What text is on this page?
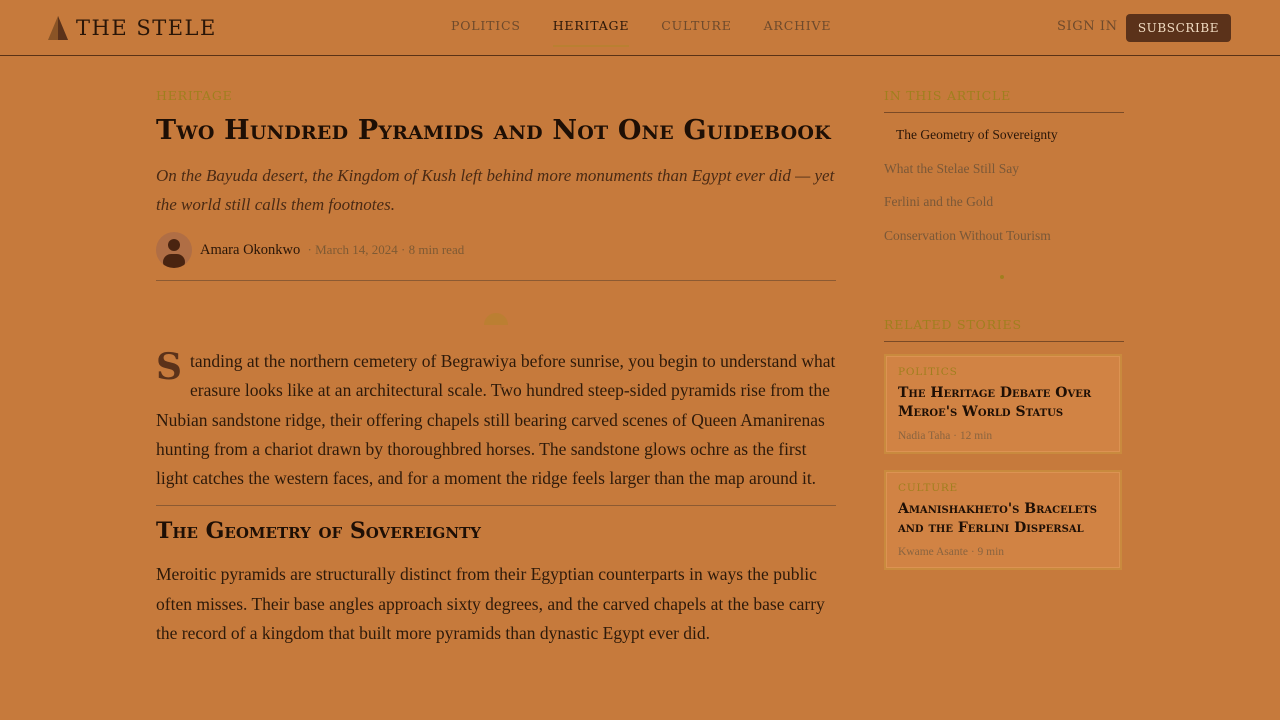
THE STELE	POLITICS	HERITAGE	CULTURE	ARCHIVE	SIGN IN	SUBSCRIBE
HERITAGE
Two Hundred Pyramids and Not One Guidebook

On the Bayuda desert, the Kingdom of Kush left behind more monuments than Egypt ever did — yet the world still calls them footnotes.

Amara Okonkwo · March 14, 2024 · 8 min read

Standing at the northern cemetery of Begrawiya before sunrise, you begin to understand what erasure looks like at an architectural scale. Two hundred steep-sided pyramids rise from the Nubian sandstone ridge, their offering chapels still bearing carved scenes of Queen Amanirenas hunting from a chariot drawn by thoroughbred horses. The sandstone glows ochre as the first light catches the western faces, and for a moment the ridge feels larger than the map around it.

The Geometry of Sovereignty

Meroitic pyramids are structurally distinct from their Egyptian counterparts in ways the public often misses. Their base angles approach sixty degrees, and the carved chapels at the base carry the record of a kingdom that built more pyramids than dynastic Egypt ever did.

IN THIS ARTICLE
The Geometry of Sovereignty
What the Stelae Still Say
Ferlini and the Gold
Conservation Without Tourism
RELATED STORIES
POLITICS
The Heritage Debate Over Meroe's World Status
Nadia Taha · 12 min
CULTURE
Amanishakheto's Bracelets and the Ferlini Dispersal
Kwame Asante · 9 min
